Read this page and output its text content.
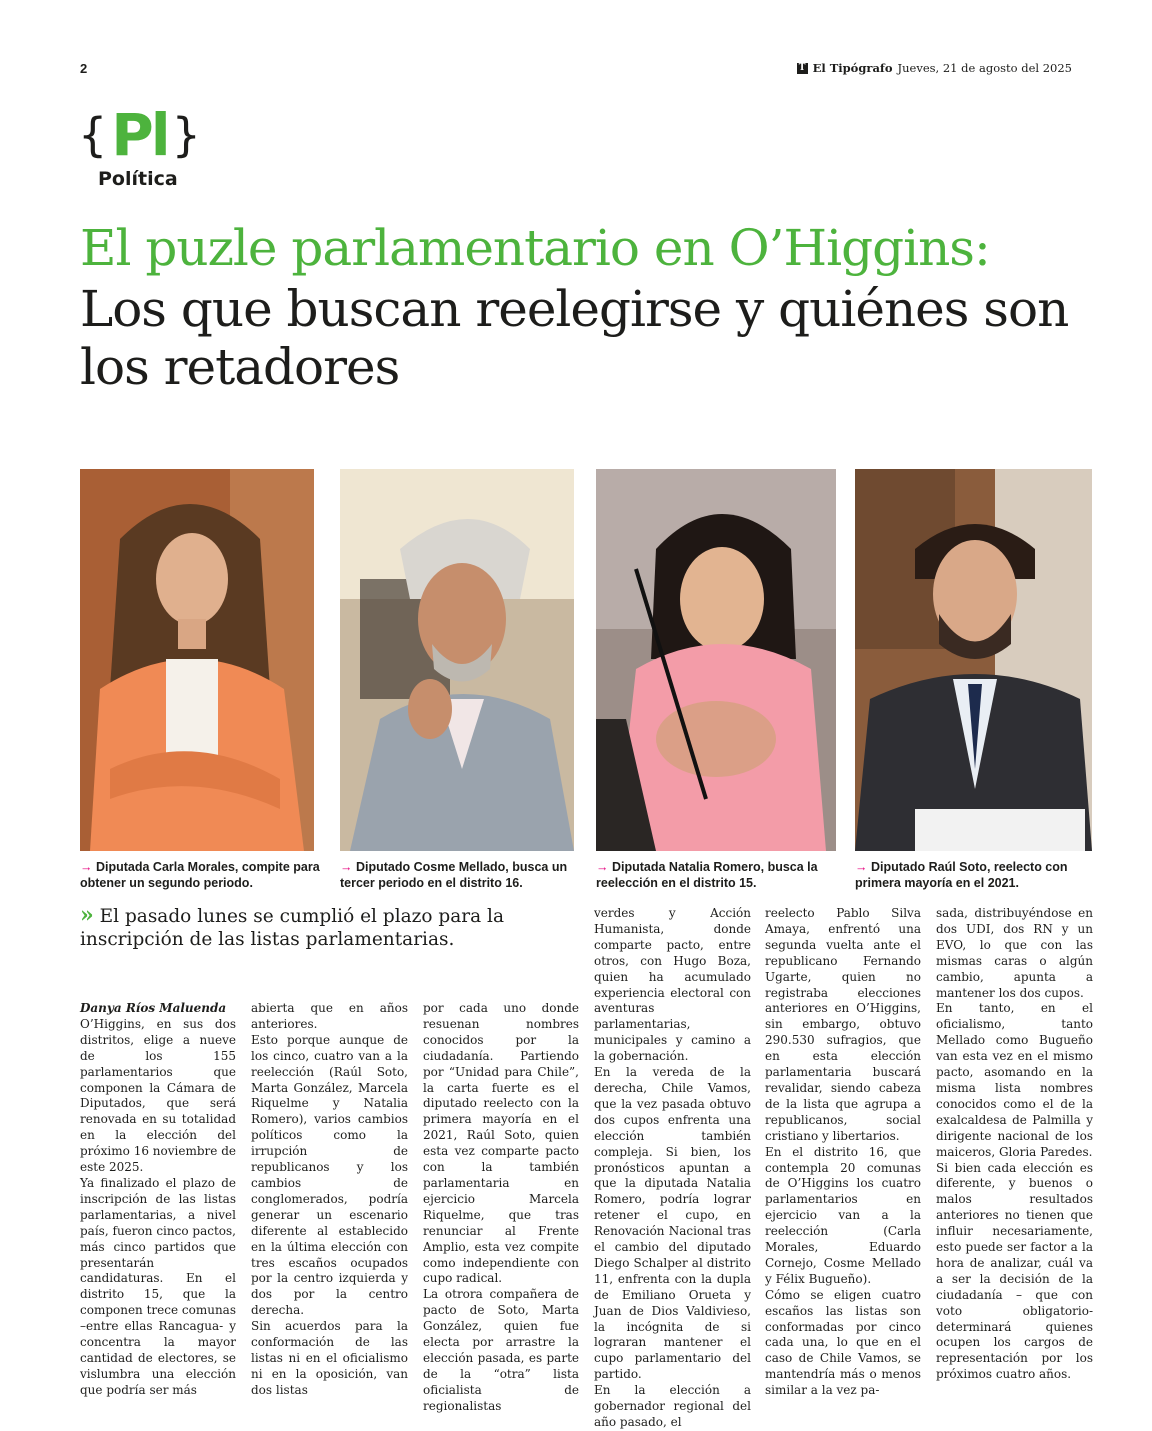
2	T El Tipógrafo Jueves, 21 de agosto del 2025
{ Pl }
Política
El puzle parlamentario en O’Higgins:
Los que buscan reelegirse y quiénes son los retadores
→ Diputada Carla Morales, compite para obtener un segundo periodo.
→ Diputado Cosme Mellado, busca un tercer periodo en el distrito 16.
→ Diputada Natalia Romero, busca la reelección en el distrito 15.
→ Diputado Raúl Soto, reelecto con primera mayoría en el 2021.
» El pasado lunes se cumplió el plazo para la inscripción de las listas parlamentarias.
Danya Ríos Maluenda

O’Higgins, en sus dos distritos, elige a nueve de los 155 parlamentarios que componen la Cámara de Diputados, que será renovada en su totalidad en la elección del próximo 16 noviembre de este 2025.

Ya finalizado el plazo de inscripción de las listas parlamentarias, a nivel país, fueron cinco pactos, más cinco partidos que presentarán candidaturas. En el distrito 15, que la componen trece comunas –entre ellas Rancagua- y concentra la mayor cantidad de electores, se vislumbra una elección que podría ser más

abierta que en años anteriores.

Esto porque aunque de los cinco, cuatro van a la reelección (Raúl Soto, Marta González, Marcela Riquelme y Natalia Romero), varios cambios políticos como la irrupción de republicanos y los cambios de conglomerados, podría generar un escenario diferente al establecido en la última elección con tres escaños ocupados por la centro izquierda y dos por la centro derecha.

Sin acuerdos para la conformación de las listas ni en el oficialismo ni en la oposición, van dos listas

por cada uno donde resuenan nombres conocidos por la ciudadanía. Partiendo por “Unidad para Chile”, la carta fuerte es el diputado reelecto con la primera mayoría en el 2021, Raúl Soto, quien esta vez comparte pacto con la también parlamentaria en ejercicio Marcela Riquelme, que tras renunciar al Frente Amplio, esta vez compite como independiente con cupo radical.

La otrora compañera de pacto de Soto, Marta González, quien fue electa por arrastre la elección pasada, es parte de la “otra” lista oficialista de regionalistas

verdes y Acción Humanista, donde comparte pacto, entre otros, con Hugo Boza, quien ha acumulado experiencia electoral con aventuras parlamentarias, municipales y camino a la gobernación.

En la vereda de la derecha, Chile Vamos, que la vez pasada obtuvo dos cupos enfrenta una elección también compleja. Si bien, los pronósticos apuntan a que la diputada Natalia Romero, podría lograr retener el cupo, en Renovación Nacional tras el cambio del diputado Diego Schalper al distrito 11, enfrenta con la dupla de Emiliano Orueta y Juan de Dios Valdivieso, la incógnita de si lograran mantener el cupo parlamentario del partido.

En la elección a gobernador regional del año pasado, el

reelecto Pablo Silva Amaya, enfrentó una segunda vuelta ante el republicano Fernando Ugarte, quien no registraba elecciones anteriores en O’Higgins, sin embargo, obtuvo 290.530 sufragios, que en esta elección parlamentaria buscará revalidar, siendo cabeza de la lista que agrupa a republicanos, social cristiano y libertarios.

En el distrito 16, que contempla 20 comunas de O’Higgins los cuatro parlamentarios en ejercicio van a la reelección (Carla Morales, Eduardo Cornejo, Cosme Mellado y Félix Bugueño).

Cómo se eligen cuatro escaños las listas son conformadas por cinco cada una, lo que en el caso de Chile Vamos, se mantendría más o menos similar a la vez pa-

sada, distribuyéndose en dos UDI, dos RN y un EVO, lo que con las mismas caras o algún cambio, apunta a mantener los dos cupos.

En tanto, en el oficialismo, tanto Mellado como Bugueño van esta vez en el mismo pacto, asomando en la misma lista nombres conocidos como el de la exalcaldesa de Palmilla y dirigente nacional de los maiceros, Gloria Paredes.

Si bien cada elección es diferente, y buenos o malos resultados anteriores no tienen que influir necesariamente, esto puede ser factor a la hora de analizar, cuál va a ser la decisión de la ciudadanía – que con voto obligatorio- determinará quienes ocupen los cargos de representación por los próximos cuatro años.
